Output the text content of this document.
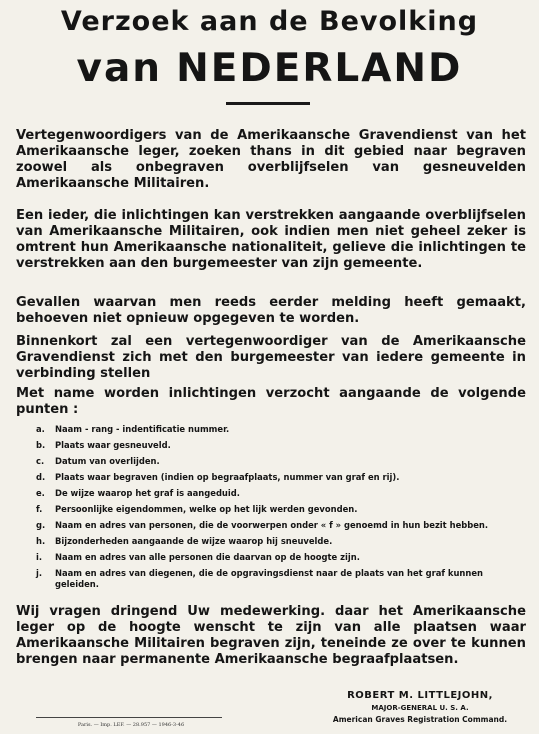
Verzoek aan de Bevolking
van NEDERLAND
Vertegenwoordigers van de Amerikaansche Gravendienst van het Amerikaansche leger, zoeken thans in dit gebied naar begraven zoowel als onbegraven overblijfselen van gesneuvelden Amerikaansche Militairen.
Een ieder, die inlichtingen kan verstrekken aangaande overblijfselen van Amerikaansche Militairen, ook indien men niet geheel zeker is omtrent hun Amerikaansche nationaliteit, gelieve die inlichtingen te verstrekken aan den burgemeester van zijn gemeente.
Gevallen waarvan men reeds eerder melding heeft gemaakt, behoeven niet opnieuw opgegeven te worden.
Binnenkort zal een vertegenwoordiger van de Amerikaansche Gravendienst zich met den burgemeester van iedere gemeente in verbinding stellen
Met name worden inlichtingen verzocht aangaande de volgende punten :
a.	Naam - rang - indentificatie nummer.
b.	Plaats waar gesneuveld.
c.	Datum van overlijden.
d.	Plaats waar begraven (indien op begraafplaats, nummer van graf en rij).
e.	De wijze waarop het graf is aangeduid.
f.	Persoonlijke eigendommen, welke op het lijk werden gevonden.
g.	Naam en adres van personen, die de voorwerpen onder « f » genoemd in hun bezit hebben.
h.	Bijzonderheden aangaande de wijze waarop hij sneuvelde.
i.	Naam en adres van alle personen die daarvan op de hoogte zijn.
j.	Naam en adres van diegenen, die de opgravingsdienst naar de plaats van het graf kunnen geleiden.
Wij vragen dringend Uw medewerking. daar het Amerikaansche leger op de hoogte wenscht te zijn van alle plaatsen waar Amerikaansche Militairen begraven zijn, teneinde ze over te kunnen brengen naar permanente Amerikaansche begraafplaatsen.
ROBERT M. LITTLEJOHN,
MAJOR-GENERAL U. S. A.
American Graves Registration Command.
Paris. — Imp. LEF. — 28.957 — 1946-3-46
